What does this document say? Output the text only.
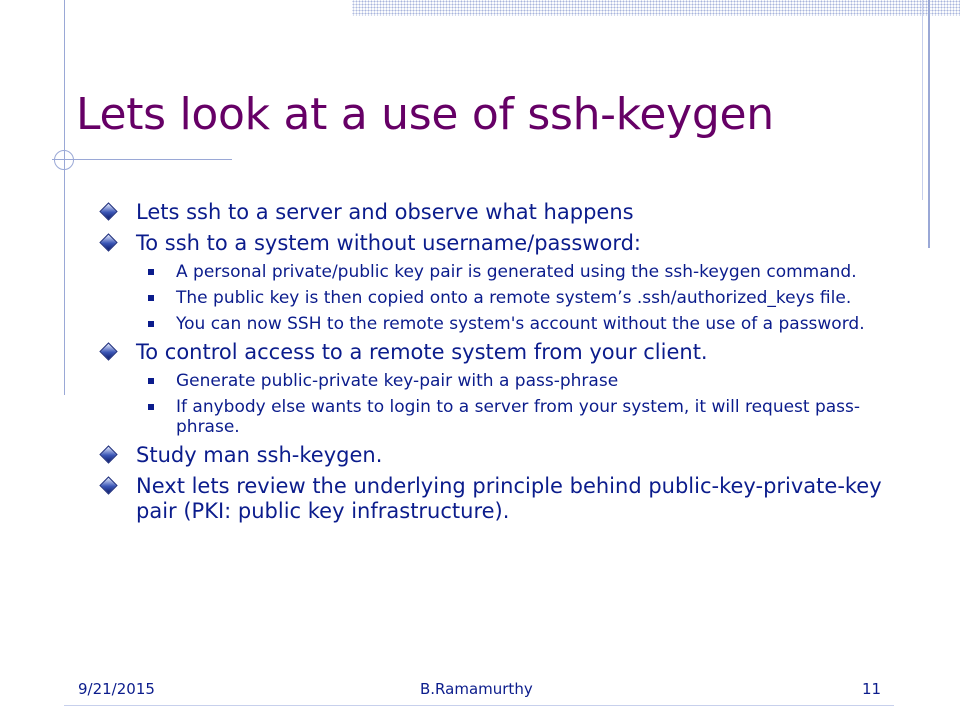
Lets look at a use of ssh-keygen
Lets ssh to a server and observe what happens
To ssh to a system without username/password:
A personal private/public key pair is generated using the ssh-keygen command.
The public key is then copied onto a remote system’s .ssh/authorized_keys file.
You can now SSH to the remote system's account without the use of a password.
To control access to a remote system from your client.
Generate public-private key-pair with a pass-phrase
If anybody else wants to login to a server from your system, it will request pass-phrase.
Study man ssh-keygen.
Next lets review the underlying principle behind public-key-private-key pair (PKI: public key infrastructure).
9/21/2015	B.Ramamurthy	11
